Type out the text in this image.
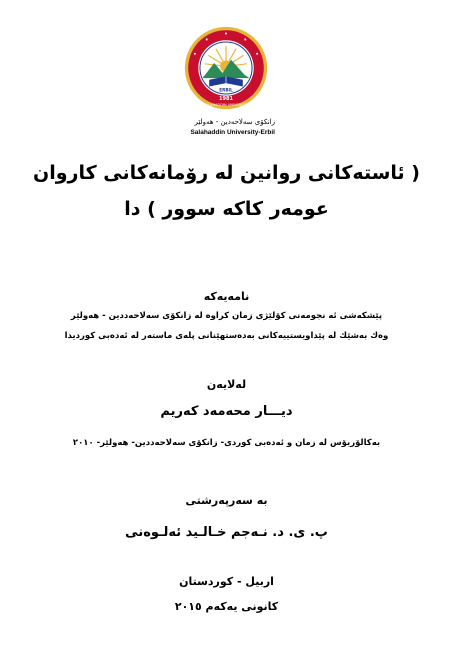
ERBIL
1981
SALAHADDIN UNIVERSITY
زانكۆی سەلاحەدین - هەولێر
Salahaddin University-Erbil
( ئاستەكانی روانین لە رۆمانەكانی كاروان
عومەر كاكە سوور ) دا
نامەیەكە
پێشكەشی ئە نجومەنی كۆلێژی زمان كراوە لە زانكۆی سەلاحەددین - هەولێر
وەك بەشێك لە پێداویستییەكانی بەدەستهێنانی پلەی ماستەر لە ئەدەبی كوردیدا
لەلایەن
دیـــار محەمەد كەریم
بەكالۆریۆس لە زمان و ئەدەبی كوردی- زانكۆی سەلاحەددین- هەولێر- ٢٠١٠
بە سەرپەرشتی
پ. ی. د. نـەجم خـالـید ئەلـوەنی
اربیل - كوردستان
كانونی یەكەم ٢٠١٥
